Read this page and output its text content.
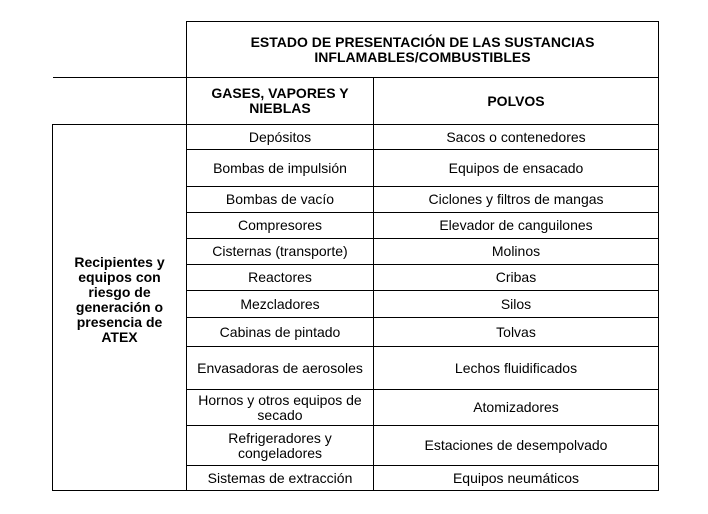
	ESTADO DE PRESENTACIÓN DE LAS SUSTANCIAS INFLAMABLES/COMBUSTIBLES	
	GASES, VAPORES Y NIEBLAS	POLVOS

Recipientes y equipos con riesgo de generación o presencia de ATEX	Depósitos	Sacos o contenedores
	Bombas de impulsión	Equipos de ensacado
	Bombas de vacío	Ciclones y filtros de mangas
	Compresores	Elevador de canguilones
	Cisternas (transporte)	Molinos
	Reactores	Cribas
	Mezcladores	Silos
	Cabinas de pintado	Tolvas
	Envasadoras de aerosoles	Lechos fluidificados
	Hornos y otros equipos de secado	Atomizadores
	Refrigeradores y congeladores	Estaciones de desempolvado
	Sistemas de extracción	Equipos neumáticos
